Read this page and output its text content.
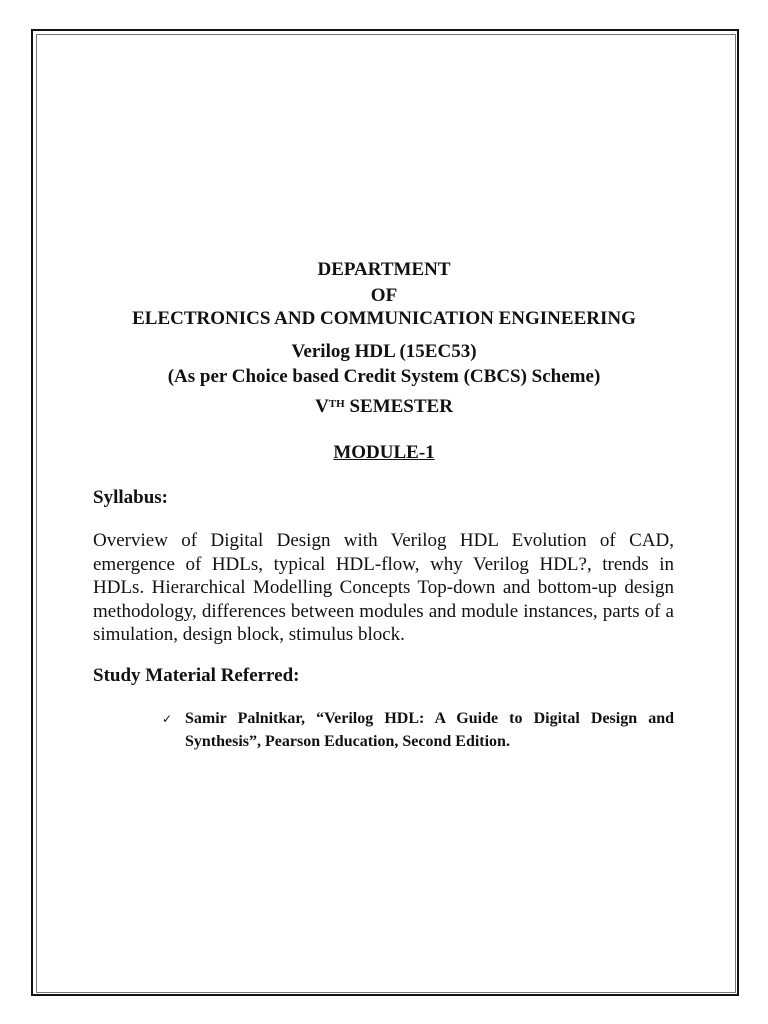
DEPARTMENT
OF
ELECTRONICS AND COMMUNICATION ENGINEERING
Verilog HDL (15EC53)
(As per Choice based Credit System (CBCS) Scheme)
VTH SEMESTER
MODULE-1
Syllabus:
Overview of Digital Design with Verilog HDL Evolution of CAD, emergence of HDLs, typical HDL-flow, why Verilog HDL?, trends in HDLs. Hierarchical Modelling Concepts Top-down and bottom-up design methodology, differences between modules and module instances, parts of a simulation, design block, stimulus block.
Study Material Referred:
✓ Samir Palnitkar, “Verilog HDL: A Guide to Digital Design and Synthesis”, Pearson Education, Second Edition.
